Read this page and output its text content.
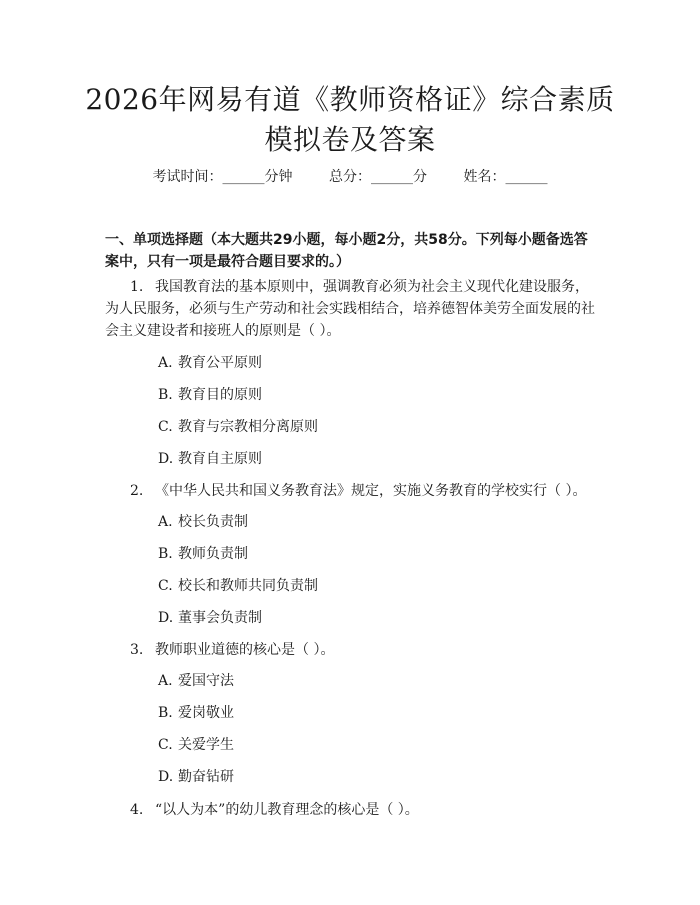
2026年网易有道《教师资格证》综合素质模拟卷及答案
考试时间：______分钟	总分：______分	姓名：______
一、单项选择题（本大题共29小题，每小题2分，共58分。下列每小题备选答案中，只有一项是最符合题目要求的。）
1. 我国教育法的基本原则中，强调教育必须为社会主义现代化建设服务，为人民服务，必须与生产劳动和社会实践相结合，培养德智体美劳全面发展的社会主义建设者和接班人的原则是（ ）。
A. 教育公平原则
B. 教育目的原则
C. 教育与宗教相分离原则
D. 教育自主原则
2. 《中华人民共和国义务教育法》规定，实施义务教育的学校实行（ ）。
A. 校长负责制
B. 教师负责制
C. 校长和教师共同负责制
D. 董事会负责制
3. 教师职业道德的核心是（ ）。
A. 爱国守法
B. 爱岗敬业
C. 关爱学生
D. 勤奋钻研
4. “以人为本”的幼儿教育理念的核心是（ ）。
